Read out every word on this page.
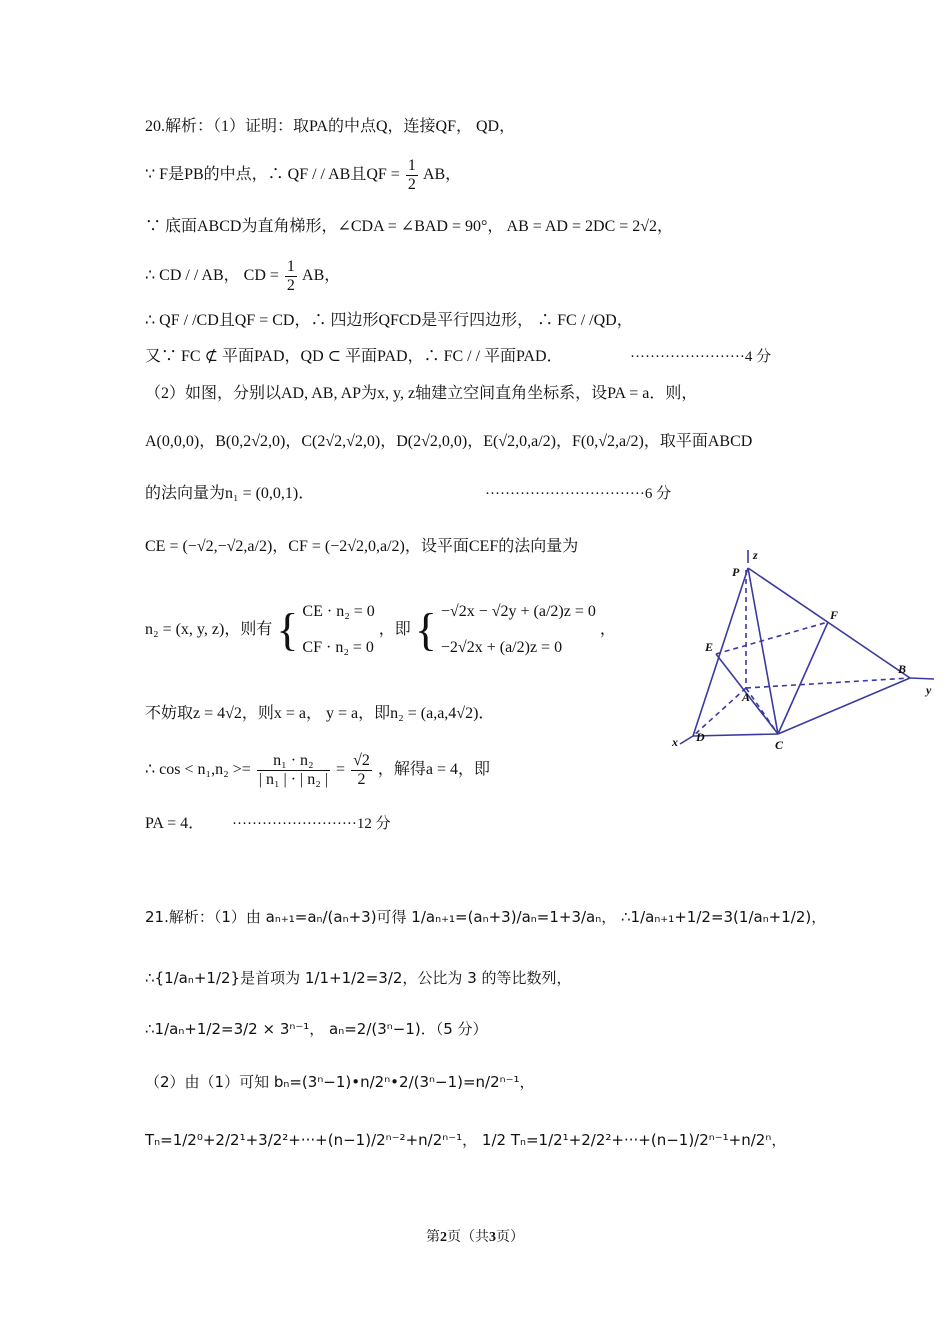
20.解析：（1）证明：取PA的中点Q，连接QF， QD，
∵ F是PB的中点，∴ QF / / AB且QF = $\frac{1}{2}$ AB，
∵ 底面ABCD为直角梯形，∠CDA = ∠BAD = 90°， AB = AD = 2DC = 2√2，
∴ CD / / AB， CD = $\frac{1}{2}$ AB，
∴ QF / /CD且QF = CD，∴ 四边形QFCD是平行四边形， ∴ FC / /QD，
又∵ FC ⊄ 平面PAD，QD ⊂ 平面PAD，∴ FC / / 平面PAD．	·······················4 分
（2）如图，分别以AD, AB, AP为x, y, z轴建立空间直角坐标系，设PA = a．则，
A(0,0,0)，B(0,2√2,0)，C(2√2,√2,0)，D(2√2,0,0)，E(√2,0,a/2)，F(0,√2,a/2)，取平面ABCD
的法向量为n₁ = (0,0,1)．	································6 分
CE = (−√2,−√2,a/2)，CF = (−2√2,0,a/2)，设平面CEF的法向量为
n₂ = (x, y, z)，则有 { CE · n₂ = 0
CF · n₂ = 0
，即 { −√2x − √2y + (a/2)z = 0
−2√2x + (a/2)z = 0
，
不妨取z = 4√2，则x = a， y = a，即n₂ = (a,a,4√2)．
∴ $\cos < n_1,n_2 >= \frac{\text{n₁ · n₂}}{\text{| n₁ | · | n₂ |}} = \frac{√2}{2}$ ，解得a = 4，即
PA = 4． ·························12 分
z
P
F
E
A
B
y
x D
C
21.解析：（1）由 aₙ₊₁=aₙ/(aₙ+3)可得 1/aₙ₊₁=(aₙ+3)/aₙ=1+3/aₙ， ∴1/aₙ₊₁+1/2=3(1/aₙ+1/2)，
∴{1/aₙ+1/2}是首项为 1/1+1/2=3/2，公比为 3 的等比数列，
∴1/aₙ+1/2=3/2 × 3ⁿ⁻¹， aₙ=2/(3ⁿ−1)．（5 分）
（2）由（1）可知 bₙ=(3ⁿ−1)•n/2ⁿ•2/(3ⁿ−1)=n/2ⁿ⁻¹，
Tₙ=1/2⁰+2/2¹+3/2²+···+(n−1)/2ⁿ⁻²+n/2ⁿ⁻¹， 1/2 Tₙ=1/2¹+2/2²+···+(n−1)/2ⁿ⁻¹+n/2ⁿ，
第2页（共3页）
